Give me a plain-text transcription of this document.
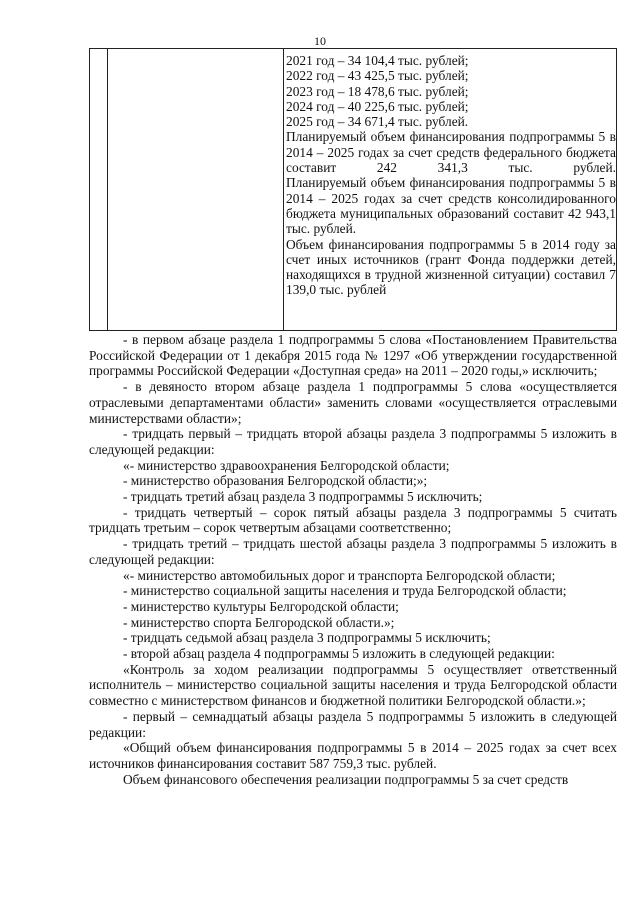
10

2021 год – 34 104,4 тыс. рублей;

2022 год – 43 425,5 тыс. рублей;

2023 год – 18 478,6 тыс. рублей;

2024 год – 40 225,6 тыс. рублей;

2025 год – 34 671,4 тыс. рублей.

Планируемый объем финансирования подпрограммы 5 в 2014 – 2025 годах за счет средств федерального бюджета составит 242 341,3 тыс. рублей.

Планируемый объем финансирования подпрограммы 5 в 2014 – 2025 годах за счет средств консолидированного бюджета муниципальных образований составит 42 943,1 тыс. рублей.

Объем финансирования подпрограммы 5 в 2014 году за счет иных источников (грант Фонда поддержки детей, находящихся в трудной жизненной ситуации) составил 7 139,0 тыс. рублей

- в первом абзаце раздела 1 подпрограммы 5 слова «Постановлением Правительства Российской Федерации от 1 декабря 2015 года № 1297 «Об утверждении государственной программы Российской Федерации «Доступная среда» на 2011 – 2020 годы,» исключить;

- в девяносто втором абзаце раздела 1 подпрограммы 5 слова «осуществляется отраслевыми департаментами области» заменить словами «осуществляется отраслевыми министерствами области»;

- тридцать первый – тридцать второй абзацы раздела 3 подпрограммы 5 изложить в следующей редакции:

«- министерство здравоохранения Белгородской области;

- министерство образования Белгородской области;»;

- тридцать третий абзац раздела 3 подпрограммы 5 исключить;

- тридцать четвертый – сорок пятый абзацы раздела 3 подпрограммы 5 считать тридцать третьим – сорок четвертым абзацами соответственно;

- тридцать третий – тридцать шестой абзацы раздела 3 подпрограммы 5 изложить в следующей редакции:

«- министерство автомобильных дорог и транспорта Белгородской области;

- министерство социальной защиты населения и труда Белгородской области;

- министерство культуры Белгородской области;

- министерство спорта Белгородской области.»;

- тридцать седьмой абзац раздела 3 подпрограммы 5 исключить;

- второй абзац раздела 4 подпрограммы 5 изложить в следующей редакции:

«Контроль за ходом реализации подпрограммы 5 осуществляет ответственный исполнитель – министерство социальной защиты населения и труда Белгородской области совместно с министерством финансов и бюджетной политики Белгородской области.»;

- первый – семнадцатый абзацы раздела 5 подпрограммы 5 изложить в следующей редакции:

«Общий объем финансирования подпрограммы 5 в 2014 – 2025 годах за счет всех источников финансирования составит 587 759,3 тыс. рублей.

Объем финансового обеспечения реализации подпрограммы 5 за счет средств
